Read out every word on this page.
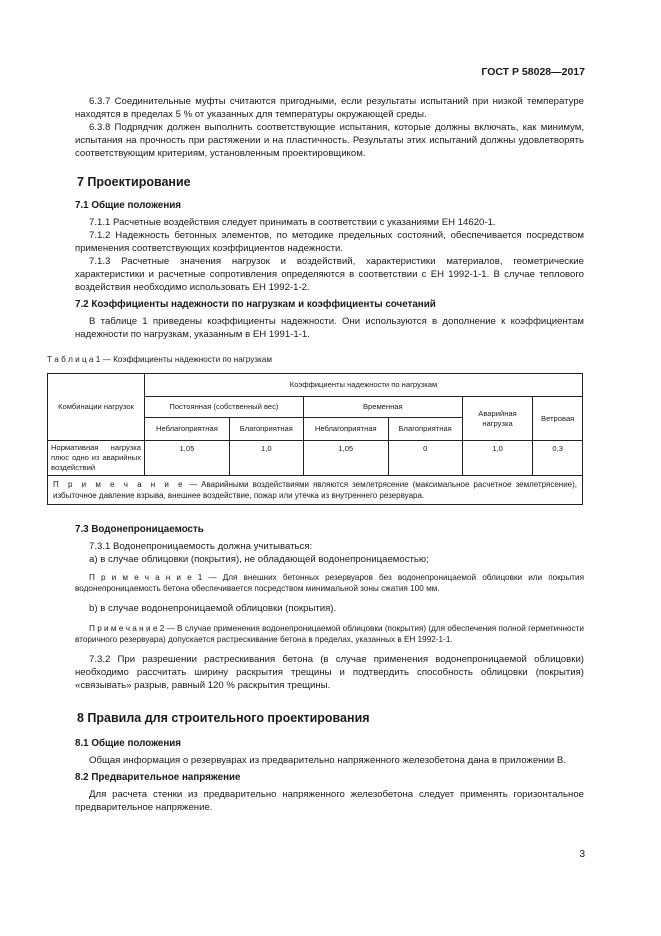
ГОСТ Р 58028—2017

6.3.7 Соединительные муфты считаются пригодными, если результаты испытаний при низкой температуре находятся в пределах 5 % от указанных для температуры окружающей среды.

6.3.8 Подрядчик должен выполнить соответствующие испытания, которые должны включать, как минимум, испытания на прочность при растяжении и на пластичность. Результаты этих испытаний должны удовлетворять соответствующим критериям, установленным проектировщиком.

7 Проектирование
7.1 Общие положения

7.1.1 Расчетные воздействия следует принимать в соответствии с указаниями ЕН 14620-1.

7.1.2 Надежность бетонных элементов, по методике предельных состояний, обеспечивается посредством применения соответствующих коэффициентов надежности.

7.1.3 Расчетные значения нагрузок и воздействий, характеристики материалов, геометрические характеристики и расчетные сопротивления определяются в соответствии с ЕН 1992-1-1. В случае теплового воздействия необходимо использовать ЕН 1992-1-2.

7.2 Коэффициенты надежности по нагрузкам и коэффициенты сочетаний

В таблице 1 приведены коэффициенты надежности. Они используются в дополнение к коэффициентам надежности по нагрузкам, указанным в ЕН 1991-1-1.

Т а б л и ц а 1 — Коэффициенты надежности по нагрузкам
Комбинации нагрузок	Коэффициенты надежности по нагрузкам					
	Постоянная (собственный вес)		Временная		Аварийная нагрузка	Ветровая
	Неблагоприятная	Благоприятная	Неблагоприятная	Благоприятная		
Нормативная нагрузка плюс одно из аварийных воздействий	1,05	1,0	1,05	0	1,0	0,3
П р и м е ч а н и е — Аварийными воздействиями являются землетрясение (максимальное расчетное землетрясение), избыточное давление взрыва, внешнее воздействие, пожар или утечка из внутреннего резервуара.						
7.3 Водонепроницаемость

7.3.1 Водонепроницаемость должна учитываться:

а) в случае облицовки (покрытия), не обладающей водонепроницаемостью;

П р и м е ч а н и е 1 — Для внешних бетонных резервуаров без водонепроницаемой облицовки или покрытия водонепроницаемость бетона обеспечивается посредством минимальной зоны сжатия 100 мм.

b) в случае водонепроницаемой облицовки (покрытия).

П р и м е ч а н и е 2 — В случае применения водонепроницаемой облицовки (покрытия) (для обеспечения полной герметичности вторичного резервуара) допускается растрескивание бетона в пределах, указанных в ЕН 1992-1-1.

7.3.2 При разрешении растрескивания бетона (в случае применения водонепроницаемой облицовки) необходимо рассчитать ширину раскрытия трещины и подтвердить способность облицовки (покрытия) «связывать» разрыв, равный 120 % раскрытия трещины.

8 Правила для строительного проектирования
8.1 Общие положения

Общая информация о резервуарах из предварительно напряженного железобетона дана в приложении В.

8.2 Предварительное напряжение

Для расчета стенки из предварительно напряженного железобетона следует применять горизонтальное предварительное напряжение.

3
